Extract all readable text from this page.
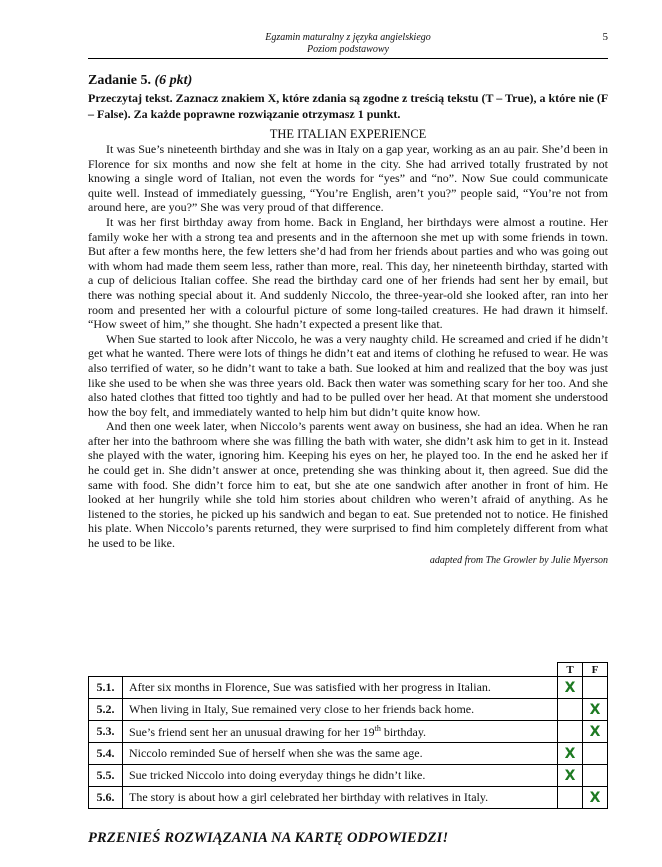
Egzamin maturalny z języka angielskiego
Poziom podstawowy
5
Zadanie 5. (6 pkt)
Przeczytaj tekst. Zaznacz znakiem X, które zdania są zgodne z treścią tekstu (T – True), a które nie (F – False). Za każde poprawne rozwiązanie otrzymasz 1 punkt.
THE ITALIAN EXPERIENCE

It was Sue’s nineteenth birthday and she was in Italy on a gap year, working as an au pair. She’d been in Florence for six months and now she felt at home in the city. She had arrived totally frustrated by not knowing a single word of Italian, not even the words for “yes” and “no”. Now Sue could communicate quite well. Instead of immediately guessing, “You’re English, aren’t you?” people said, “You’re not from around here, are you?” She was very proud of that difference.

It was her first birthday away from home. Back in England, her birthdays were almost a routine. Her family woke her with a strong tea and presents and in the afternoon she met up with some friends in town. But after a few months here, the few letters she’d had from her friends about parties and who was going out with whom had made them seem less, rather than more, real. This day, her nineteenth birthday, started with a cup of delicious Italian coffee. She read the birthday card one of her friends had sent her by email, but there was nothing special about it. And suddenly Niccolo, the three-year-old she looked after, ran into her room and presented her with a colourful picture of some long-tailed creatures. He had drawn it himself. “How sweet of him,” she thought. She hadn’t expected a present like that.

When Sue started to look after Niccolo, he was a very naughty child. He screamed and cried if he didn’t get what he wanted. There were lots of things he didn’t eat and items of clothing he refused to wear. He was also terrified of water, so he didn’t want to take a bath. Sue looked at him and realized that the boy was just like she used to be when she was three years old. Back then water was something scary for her too. And she also hated clothes that fitted too tightly and had to be pulled over her head. At that moment she understood how the boy felt, and immediately wanted to help him but didn’t quite know how.

And then one week later, when Niccolo’s parents went away on business, she had an idea. When he ran after her into the bathroom where she was filling the bath with water, she didn’t ask him to get in it. Instead she played with the water, ignoring him. Keeping his eyes on her, he played too. In the end he asked her if he could get in. She didn’t answer at once, pretending she was thinking about it, then agreed. Sue did the same with food. She didn’t force him to eat, but she ate one sandwich after another in front of him. He looked at her hungrily while she told him stories about children who weren’t afraid of anything. As he listened to the stories, he picked up his sandwich and began to eat. Sue pretended not to notice. He finished his plate. When Niccolo’s parents returned, they were surprised to find him completely different from what he used to be like.

adapted from The Growler by Julie Myerson
		T	F
5.1.	After six months in Florence, Sue was satisfied with her progress in Italian.	X	
5.2.	When living in Italy, Sue remained very close to her friends back home.		X
5.3.	Sue’s friend sent her an unusual drawing for her 19th birthday.		X
5.4.	Niccolo reminded Sue of herself when she was the same age.	X	
5.5.	Sue tricked Niccolo into doing everyday things he didn’t like.	X	
5.6.	The story is about how a girl celebrated her birthday with relatives in Italy.		X
PRZENIEŚ ROZWIĄZANIA NA KARTĘ ODPOWIEDZI!
